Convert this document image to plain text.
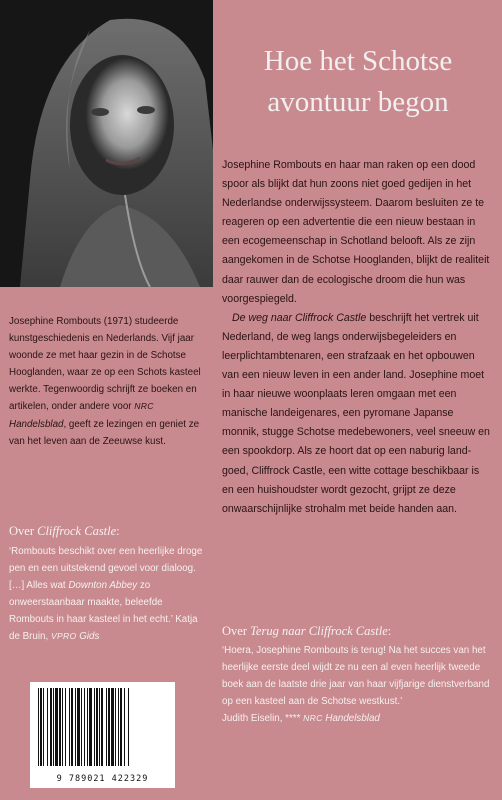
Hoe het Schotse
avontuur begon

Josephine Rombouts en haar man raken op een dood spoor als blijkt dat hun zoons niet goed gedijen in het Nederlandse onderwijssysteem. Daarom besluiten ze te reageren op een advertentie die een nieuw bestaan in een ecogemeenschap in Schotland belooft. Als ze zijn aangekomen in de Schotse Hooglanden, blijkt de realiteit daar rauwer dan de ecologische droom die hun was voorgespiegeld.

De weg naar Cliffrock Castle beschrijft het vertrek uit Nederland, de weg langs onderwijsbegeleiders en leerplichtambtenaren, een strafzaak en het opbouwen van een nieuw leven in een ander land. Josephine moet in haar nieuwe woonplaats leren omgaan met een manische landeigenares, een pyromane Japanse monnik, stugge Schotse medebewoners, veel sneeuw en een spookdorp. Als ze hoort dat op een naburig landgoed, Cliffrock Castle, een witte cottage beschikbaar is en een huishoudster wordt gezocht, grijpt ze deze onwaarschijnlijke strohalm met beide handen aan.

Josephine Rombouts (1971) studeerde kunstgeschiedenis en Nederlands. Vijf jaar woonde ze met haar gezin in de Schotse Hooglanden, waar ze op een Schots kasteel werkte. Tegenwoordig schrijft ze boeken en artikelen, onder andere voor NRC Handelsblad, geeft ze lezingen en geniet ze van het leven aan de Zeeuwse kust.
Over Cliffrock Castle:
‘Rombouts beschikt over een heerlijke droge pen en een uitstekend gevoel voor dialoog. […] Alles wat Downton Abbey zo onweerstaanbaar maakte, beleefde Rombouts in haar kasteel in het echt.’ Katja de Bruin, VPRO Gids	Over Terug naar Cliffrock Castle:
‘Hoera, Josephine Rombouts is terug! Na het succes van het heerlijke eerste deel wijdt ze nu een al even heerlijk tweede boek aan de laatste drie jaar van haar vijfjarige dienstverband op een kasteel aan de Schotse westkust.’
Judith Eiselin, **** NRC Handelsblad
9 789021 422329
